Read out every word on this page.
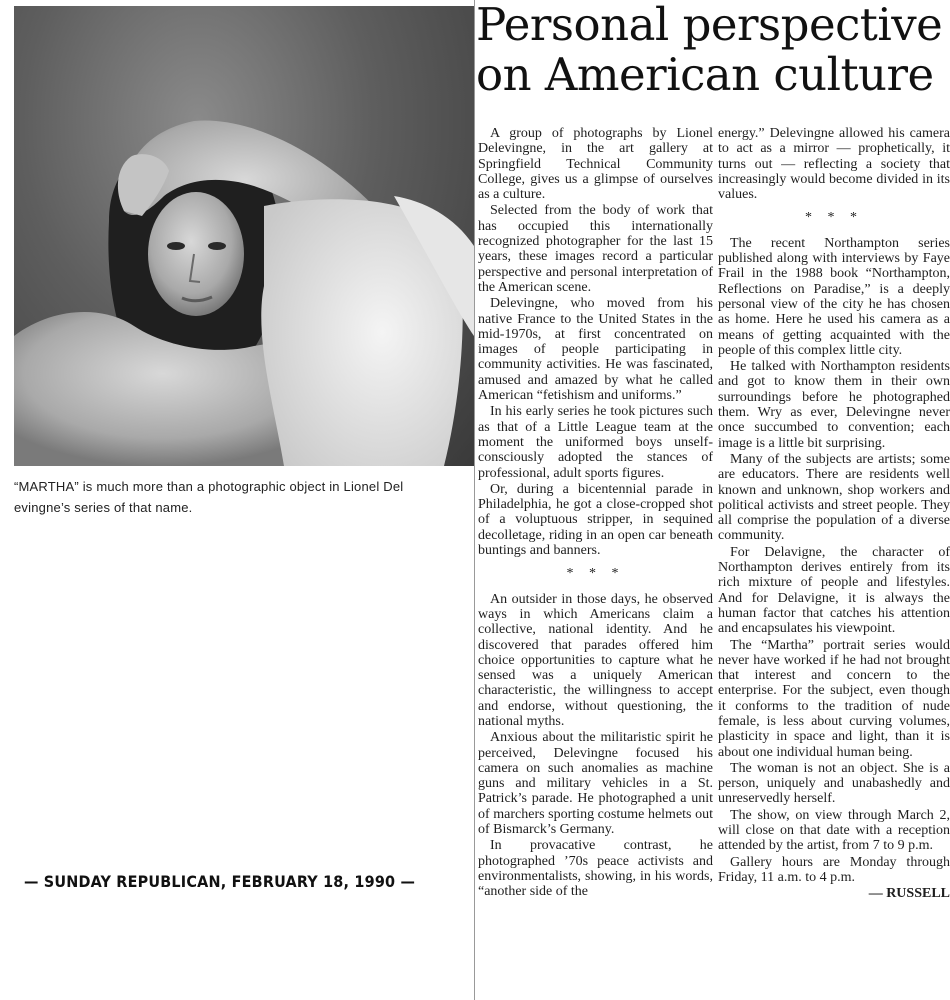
“MARTHA” is much more than a photographic object in Lionel Del

evingne’s series of that name.

— SUNDAY REPUBLICAN, FEBRUARY 18, 1990 —

Personal perspective

on American culture

A group of photographs by Lionel Delevingne, in the art gallery at Springfield Technical Community College, gives us a glimpse of ourselves as a culture.

Selected from the body of work that has occupied this internationally recognized photographer for the last 15 years, these images record a particular perspective and personal interpretation of the American scene.

Delevingne, who moved from his native France to the United States in the mid-1970s, at first concentrated on images of people participating in community activities. He was fascinated, amused and amazed by what he called American “fetishism and uniforms.”

In his early series he took pictures such as that of a Little League team at the moment the uniformed boys unself-consciously adopted the stances of professional, adult sports figures.

Or, during a bicentennial parade in Philadelphia, he got a close-cropped shot of a voluptuous stripper, in sequined decolletage, riding in an open car beneath buntings and banners.

* * *

An outsider in those days, he observed ways in which Americans claim a collective, national identity. And he discovered that parades offered him choice opportunities to capture what he sensed was a uniquely American characteristic, the willingness to accept and endorse, without questioning, the national myths.

Anxious about the militaristic spirit he perceived, Delevingne focused his camera on such anomalies as machine guns and military vehicles in a St. Patrick’s parade. He photographed a unit of marchers sporting costume helmets out of Bismarck’s Germany.

In provacative contrast, he photographed ’70s peace activists and environmentalists, showing, in his words, “another side of the

energy.” Delevingne allowed his camera to act as a mirror — prophetically, it turns out — reflecting a society that increasingly would become divided in its values.

* * *

The recent Northampton series published along with interviews by Faye Frail in the 1988 book “Northampton, Reflections on Paradise,” is a deeply personal view of the city he has chosen as home. Here he used his camera as a means of getting acquainted with the people of this complex little city.

He talked with Northampton residents and got to know them in their own surroundings before he photographed them. Wry as ever, Delevingne never once succumbed to convention; each image is a little bit surprising.

Many of the subjects are artists; some are educators. There are residents well known and unknown, shop workers and political activists and street people. They all comprise the population of a diverse community.

For Delavigne, the character of Northampton derives entirely from its rich mixture of people and lifestyles. And for Delavigne, it is always the human factor that catches his attention and encapsulates his viewpoint.

The “Martha” portrait series would never have worked if he had not brought that interest and concern to the enterprise. For the subject, even though it conforms to the tradition of nude female, is less about curving volumes, plasticity in space and light, than it is about one individual human being.

The woman is not an object. She is a person, uniquely and unabashedly and unreservedly herself.

The show, on view through March 2, will close on that date with a reception attended by the artist, from 7 to 9 p.m.

Gallery hours are Monday through Friday, 11 a.m. to 4 p.m.

— RUSSELL
